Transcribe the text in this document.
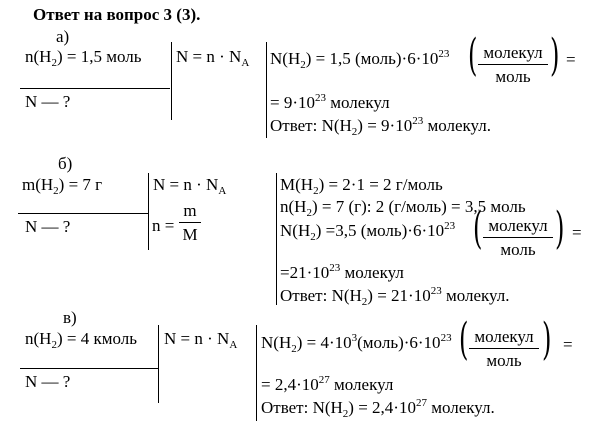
Ответ на вопрос 3 (3).
а)
$n(H_2) = 1,5$ моль
N — ?
$N = n \cdot N_A$ $N(H_2) = 1,5$ $(моль)\cdot 6\cdot 10^{23}$ ( молекул
моль ) =
= $9\cdot 10^{23}$ молекул
Ответ: $N(H_2) = 9\cdot 10^{23}$ молекул.
б)
$m(H_2) = 7$ г
N — ?
$N = n \cdot N_A$
$n = \frac{m}{M}$
$M(H_2) = 2\cdot 1 = 2$ г/моль
$n(H_2) = 7$ (г): 2 (г/моль) = 3,5 моль
$N(H_2) =3,5$ $(моль)\cdot 6\cdot 10^{23}$ ( молекул
моль ) =
$=21\cdot 10^{23}$ молекул
Ответ: $N(H_2) = 21\cdot 10^{23}$ молекул.
в)
$n(H_2) = 4$ кмоль
N — ?
$N = n \cdot N_A$ $N(H_2)$ = $4\cdot 10^3(моль)\cdot 6\cdot 10^{23}$ ( молекул
моль ) =
= $2,4\cdot 10^{27}$ молекул
Ответ: $N(H_2) = 2,4\cdot 10^{27}$ молекул.
